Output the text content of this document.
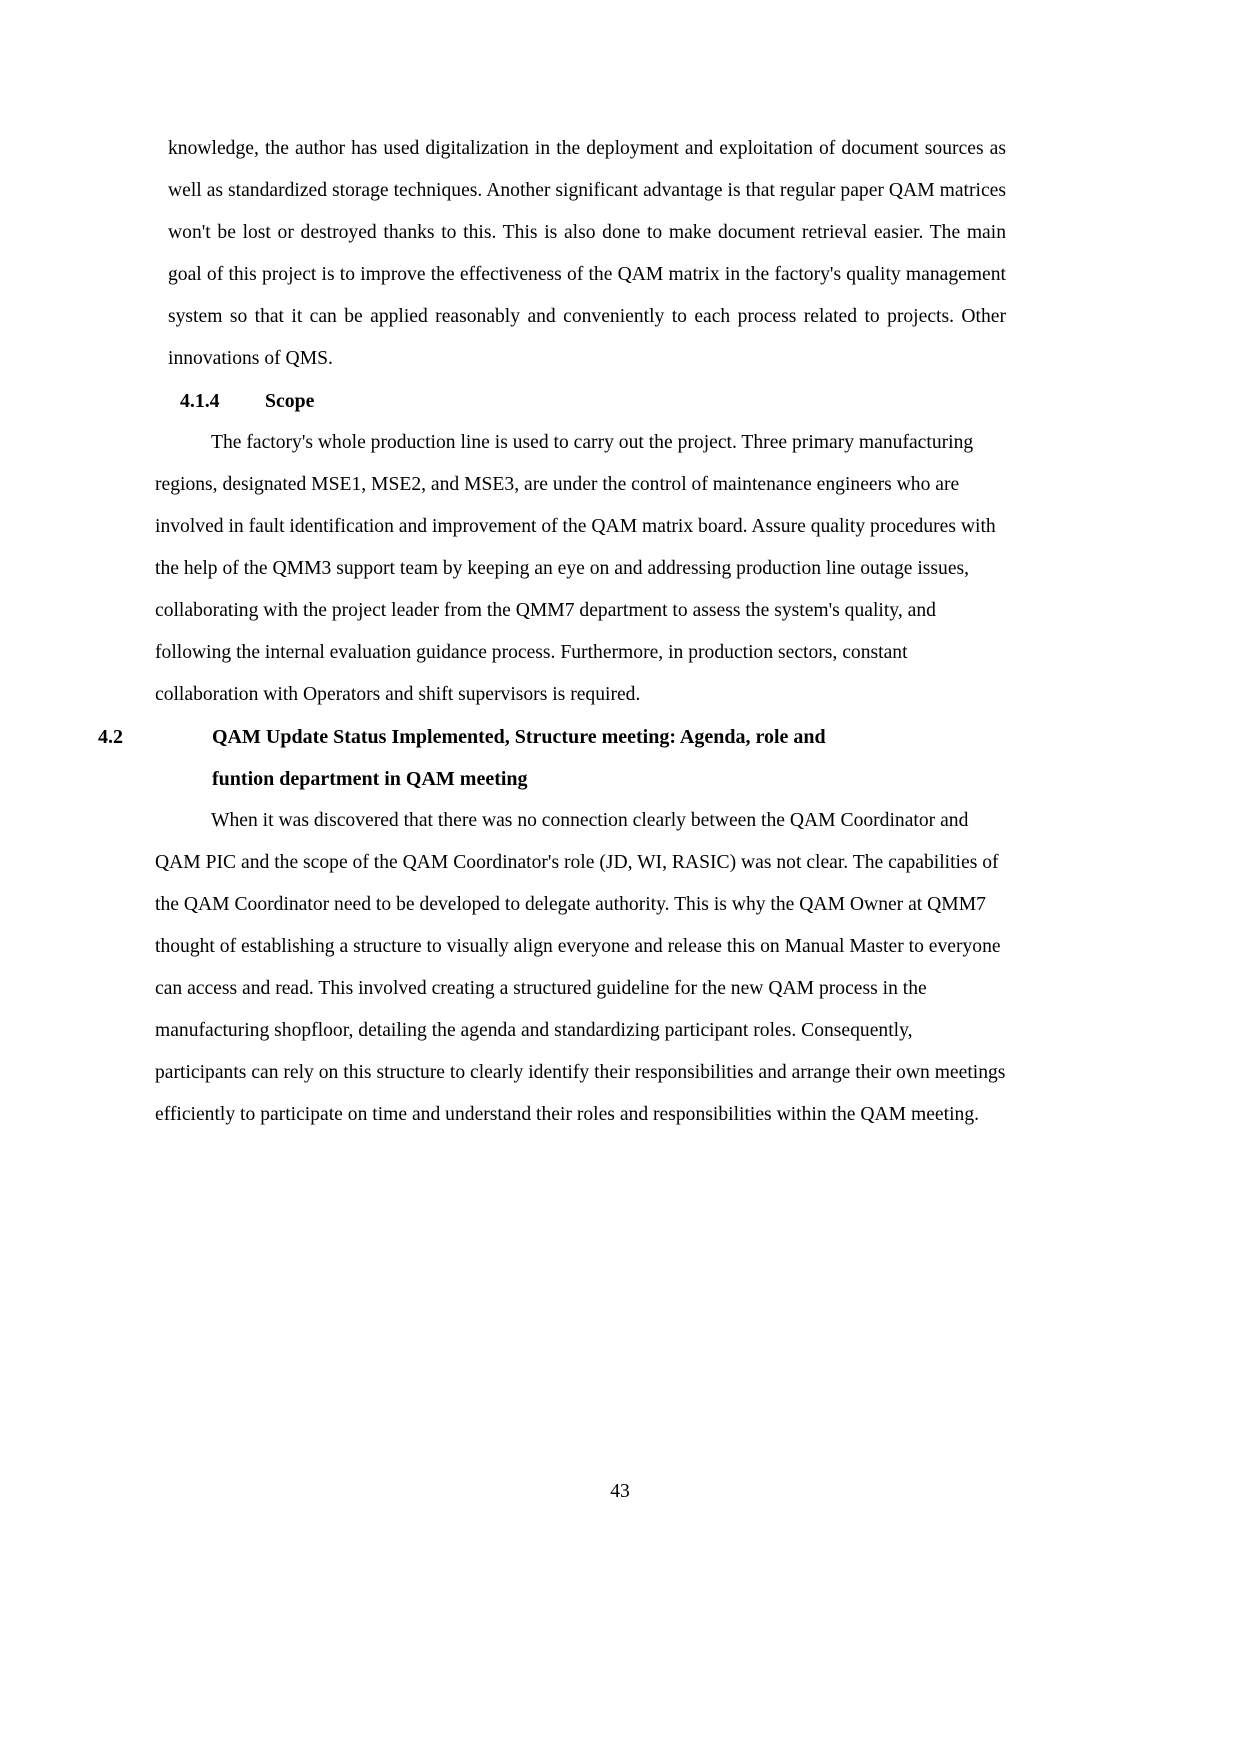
knowledge, the author has used digitalization in the deployment and exploitation of document sources as well as standardized storage techniques. Another significant advantage is that regular paper QAM matrices won't be lost or destroyed thanks to this. This is also done to make document retrieval easier. The main goal of this project is to improve the effectiveness of the QAM matrix in the factory's quality management system so that it can be applied reasonably and conveniently to each process related to projects. Other innovations of QMS.

4.1.4 Scope

The factory's whole production line is used to carry out the project. Three primary manufacturing regions, designated MSE1, MSE2, and MSE3, are under the control of maintenance engineers who are involved in fault identification and improvement of the QAM matrix board. Assure quality procedures with the help of the QMM3 support team by keeping an eye on and addressing production line outage issues, collaborating with the project leader from the QMM7 department to assess the system's quality, and following the internal evaluation guidance process. Furthermore, in production sectors, constant collaboration with Operators and shift supervisors is required.

4.2	QAM Update Status Implemented, Structure meeting: Agenda, role and
funtion department in QAM meeting

When it was discovered that there was no connection clearly between the QAM Coordinator and QAM PIC and the scope of the QAM Coordinator's role (JD, WI, RASIC) was not clear. The capabilities of the QAM Coordinator need to be developed to delegate authority. This is why the QAM Owner at QMM7 thought of establishing a structure to visually align everyone and release this on Manual Master to everyone can access and read. This involved creating a structured guideline for the new QAM process in the manufacturing shopfloor, detailing the agenda and standardizing participant roles. Consequently, participants can rely on this structure to clearly identify their responsibilities and arrange their own meetings efficiently to participate on time and understand their roles and responsibilities within the QAM meeting.

43
